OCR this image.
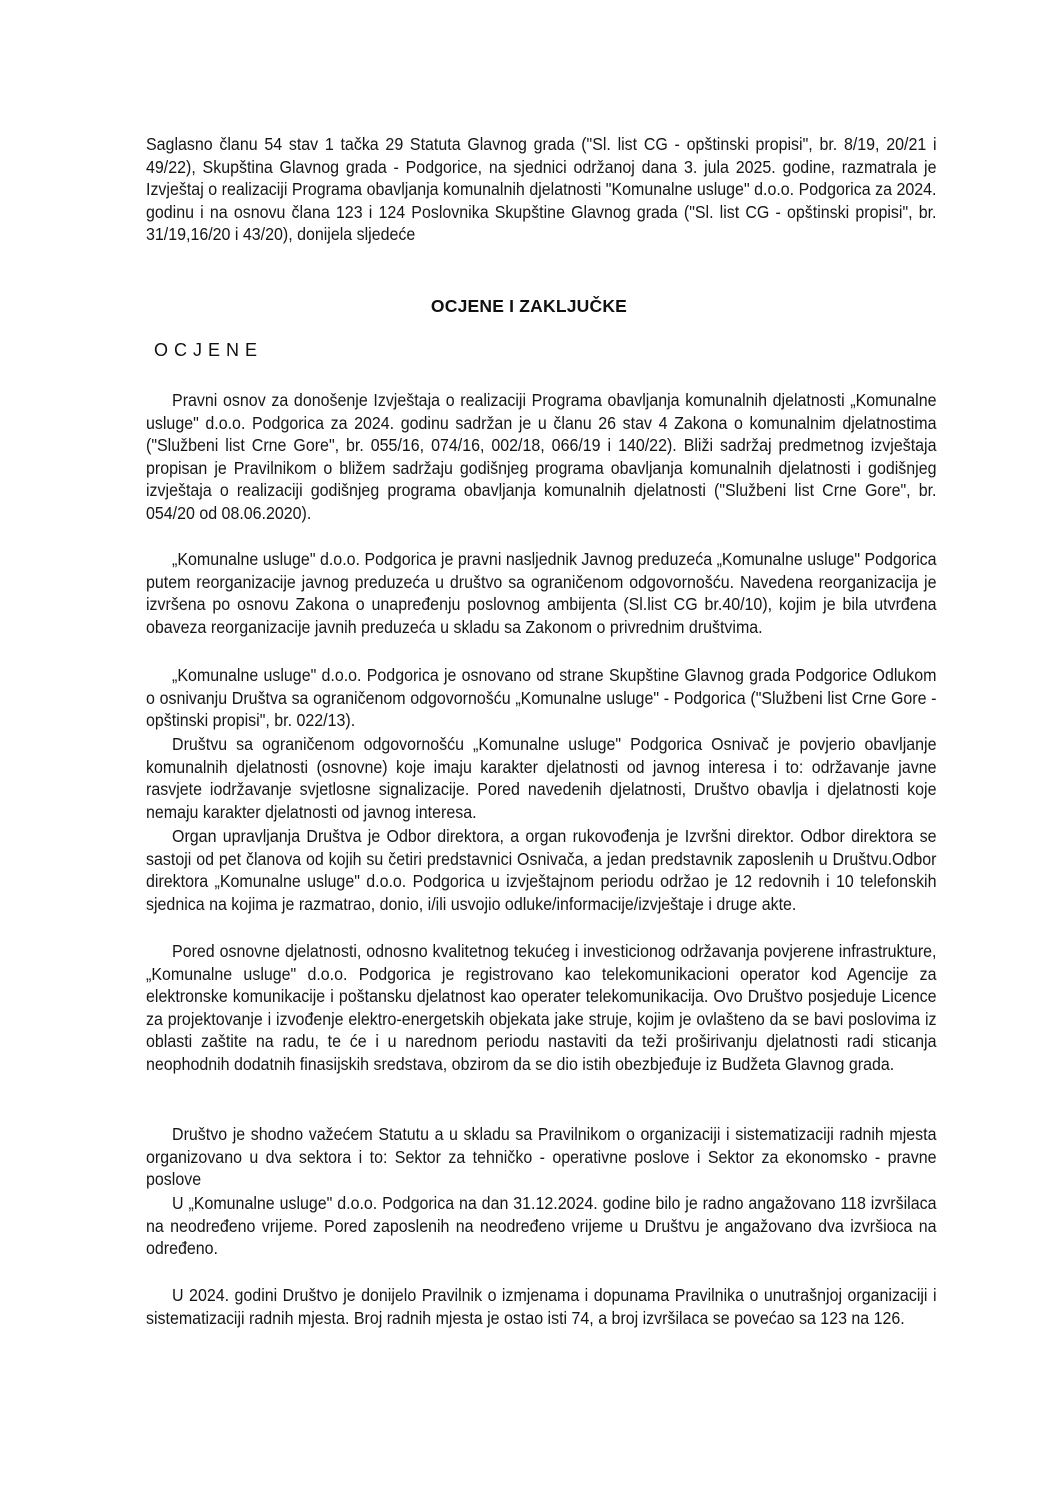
Saglasno članu 54 stav 1 tačka 29 Statuta Glavnog grada ("Sl. list CG - opštinski propisi", br. 8/19, 20/21 i 49/22), Skupština Glavnog grada - Podgorice, na sjednici održanoj dana 3. jula 2025. godine, razmatrala je Izvještaj o realizaciji Programa obavljanja komunalnih djelatnosti "Komunalne usluge" d.o.o. Podgorica za 2024. godinu i na osnovu člana 123 i 124 Poslovnika Skupštine Glavnog grada ("Sl. list CG - opštinski propisi", br. 31/19,16/20 i 43/20), donijela sljedeće

OCJENE I ZAKLJUČKE
OCJENE

Pravni osnov za donošenje Izvještaja o realizaciji Programa obavljanja komunalnih djelatnosti „Komunalne usluge" d.o.o. Podgorica za 2024. godinu sadržan je u članu 26 stav 4 Zakona o komunalnim djelatnostima ("Službeni list Crne Gore", br. 055/16, 074/16, 002/18, 066/19 i 140/22). Bliži sadržaj predmetnog izvještaja propisan je Pravilnikom o bližem sadržaju godišnjeg programa obavljanja komunalnih djelatnosti i godišnjeg izvještaja o realizaciji godišnjeg programa obavljanja komunalnih djelatnosti ("Službeni list Crne Gore", br. 054/20 od 08.06.2020).

„Komunalne usluge" d.o.o. Podgorica je pravni nasljednik Javnog preduzeća „Komunalne usluge" Podgorica putem reorganizacije javnog preduzeća u društvo sa ograničenom odgovornošću. Navedena reorganizacija je izvršena po osnovu Zakona o unapređenju poslovnog ambijenta (Sl.list CG br.40/10), kojim je bila utvrđena obaveza reorganizacije javnih preduzeća u skladu sa Zakonom o privrednim društvima.

„Komunalne usluge" d.o.o. Podgorica je osnovano od strane Skupštine Glavnog grada Podgorice Odlukom o osnivanju Društva sa ograničenom odgovornošću „Komunalne usluge" - Podgorica ("Službeni list Crne Gore - opštinski propisi", br. 022/13).

Društvu sa ograničenom odgovornošću „Komunalne usluge" Podgorica Osnivač je povjerio obavljanje komunalnih djelatnosti (osnovne) koje imaju karakter djelatnosti od javnog interesa i to: održavanje javne rasvjete iodržavanje svjetlosne signalizacije. Pored navedenih djelatnosti, Društvo obavlja i djelatnosti koje nemaju karakter djelatnosti od javnog interesa.

Organ upravljanja Društva je Odbor direktora, a organ rukovođenja je Izvršni direktor. Odbor direktora se sastoji od pet članova od kojih su četiri predstavnici Osnivača, a jedan predstavnik zaposlenih u Društvu.Odbor direktora „Komunalne usluge" d.o.o. Podgorica u izvještajnom periodu održao je 12 redovnih i 10 telefonskih sjednica na kojima je razmatrao, donio, i/ili usvojio odluke/informacije/izvještaje i druge akte.

Pored osnovne djelatnosti, odnosno kvalitetnog tekućeg i investicionog održavanja povjerene infrastrukture, „Komunalne usluge" d.o.o. Podgorica je registrovano kao telekomunikacioni operator kod Agencije za elektronske komunikacije i poštansku djelatnost kao operater telekomunikacija. Ovo Društvo posjeduje Licence za projektovanje i izvođenje elektro-energetskih objekata jake struje, kojim je ovlašteno da se bavi poslovima iz oblasti zaštite na radu, te će i u narednom periodu nastaviti da teži proširivanju djelatnosti radi sticanja neophodnih dodatnih finasijskih sredstava, obzirom da se dio istih obezbjeđuje iz Budžeta Glavnog grada.

Društvo je shodno važećem Statutu a u skladu sa Pravilnikom o organizaciji i sistematizaciji radnih mjesta organizovano u dva sektora i to: Sektor za tehničko - operativne poslove i Sektor za ekonomsko - pravne poslove

U „Komunalne usluge" d.o.o. Podgorica na dan 31.12.2024. godine bilo je radno angažovano 118 izvršilaca na neodređeno vrijeme. Pored zaposlenih na neodređeno vrijeme u Društvu je angažovano dva izvršioca na određeno.

U 2024. godini Društvo je donijelo Pravilnik o izmjenama i dopunama Pravilnika o unutrašnjoj organizaciji i sistematizaciji radnih mjesta. Broj radnih mjesta je ostao isti 74, a broj izvršilaca se povećao sa 123 na 126.
